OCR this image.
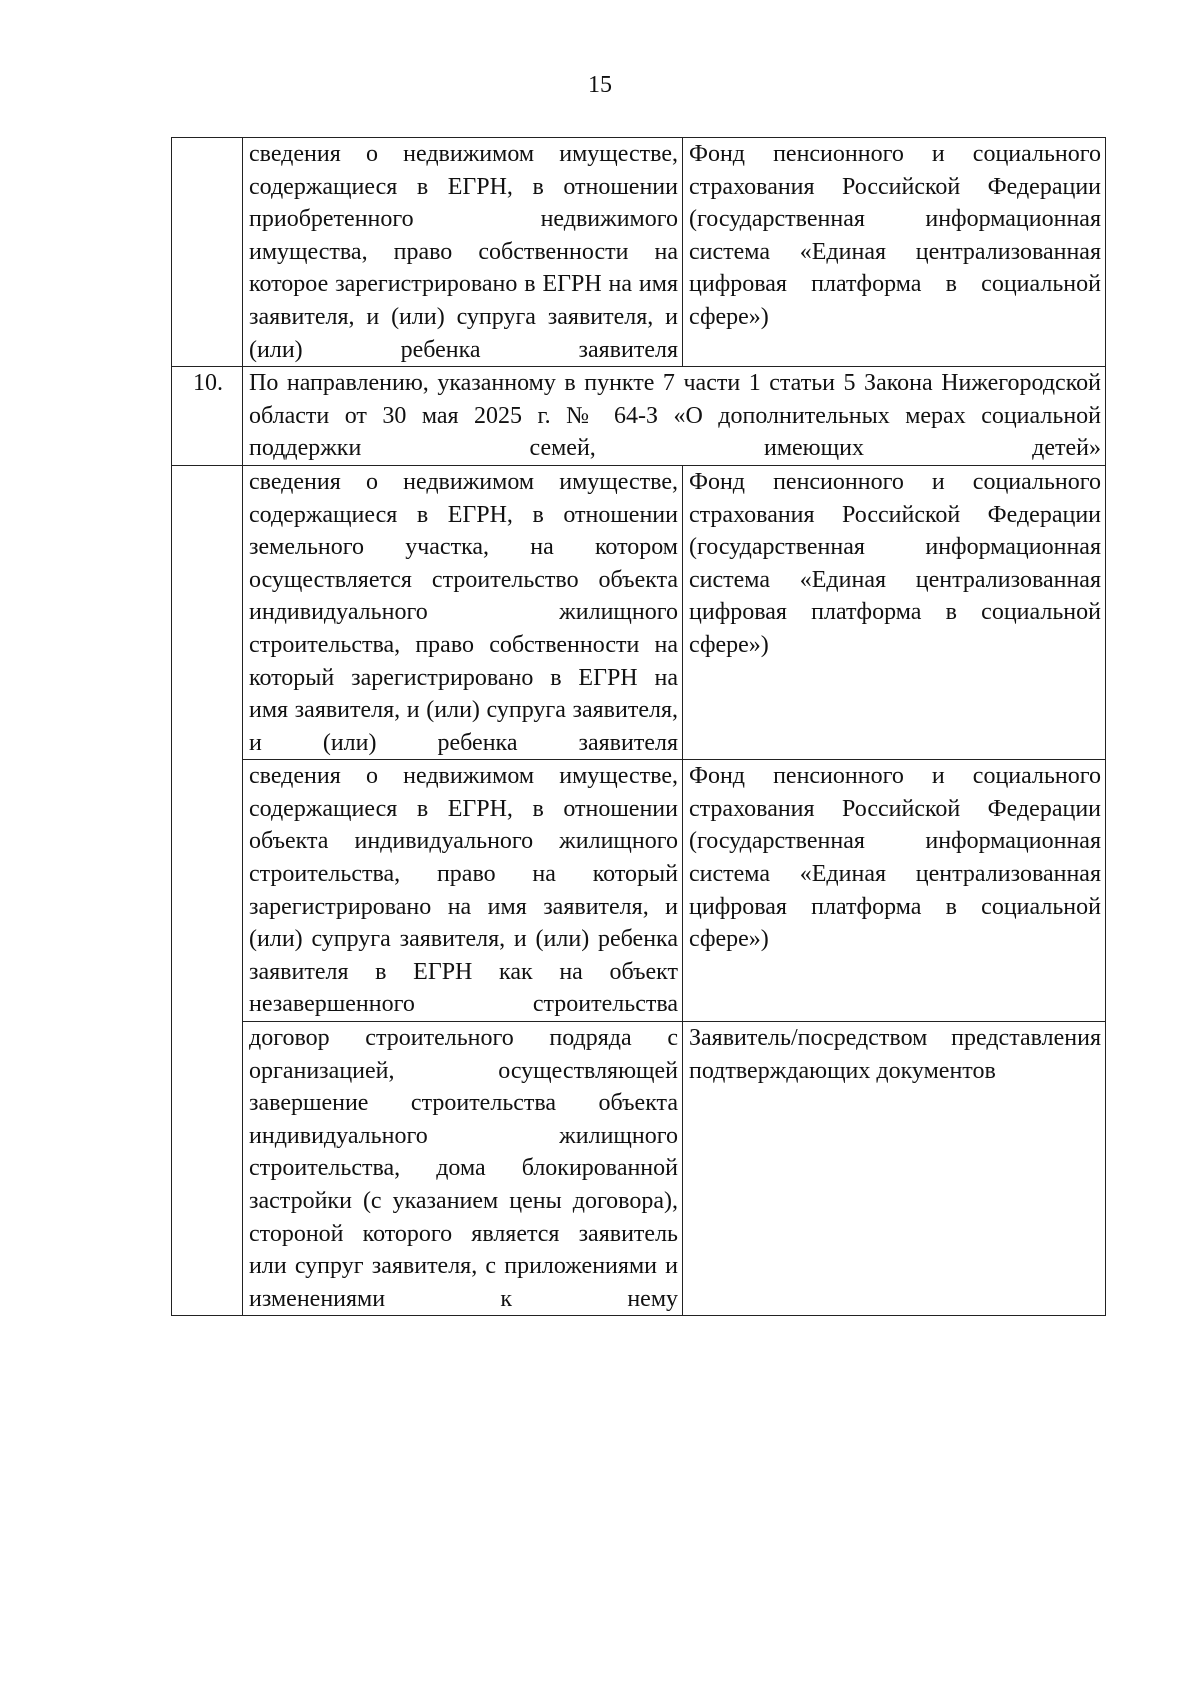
15

	сведения о недвижимом имуществе, содержащиеся в ЕГРН, в отношении приобретенного недвижимого имущества, право собственности на которое зарегистрировано в ЕГРН на имя заявителя, и (или) супруга заявителя, и (или) ребенка заявителя	Фонд пенсионного и социального страхования Российской Федерации (государственная информационная система «Единая централизованная цифровая платформа в социальной сфере»)

10.	По направлению, указанному в пункте 7 части 1 статьи 5 Закона Нижегородской области от 30 мая 2025 г. № 64-З «О дополнительных мерах социальной поддержки семей, имеющих детей»	

	сведения о недвижимом имуществе, содержащиеся в ЕГРН, в отношении земельного участка, на котором осуществляется строительство объекта индивидуального жилищного строительства, право собственности на который зарегистрировано в ЕГРН на имя заявителя, и (или) супруга заявителя, и (или) ребенка заявителя	Фонд пенсионного и социального страхования Российской Федерации (государственная информационная система «Единая централизованная цифровая платформа в социальной сфере»)

	сведения о недвижимом имуществе, содержащиеся в ЕГРН, в отношении объекта индивидуального жилищного строительства, право на который зарегистрировано на имя заявителя, и (или) супруга заявителя, и (или) ребенка заявителя в ЕГРН как на объект незавершенного строительства	Фонд пенсионного и социального страхования Российской Федерации (государственная информационная система «Единая централизованная цифровая платформа в социальной сфере»)

	договор строительного подряда с организацией, осуществляющей завершение строительства объекта индивидуального жилищного строительства, дома блокированной застройки (с указанием цены договора), стороной которого является заявитель или супруг заявителя, с приложениями и изменениями к нему	Заявитель/посредством представления подтверждающих документов
